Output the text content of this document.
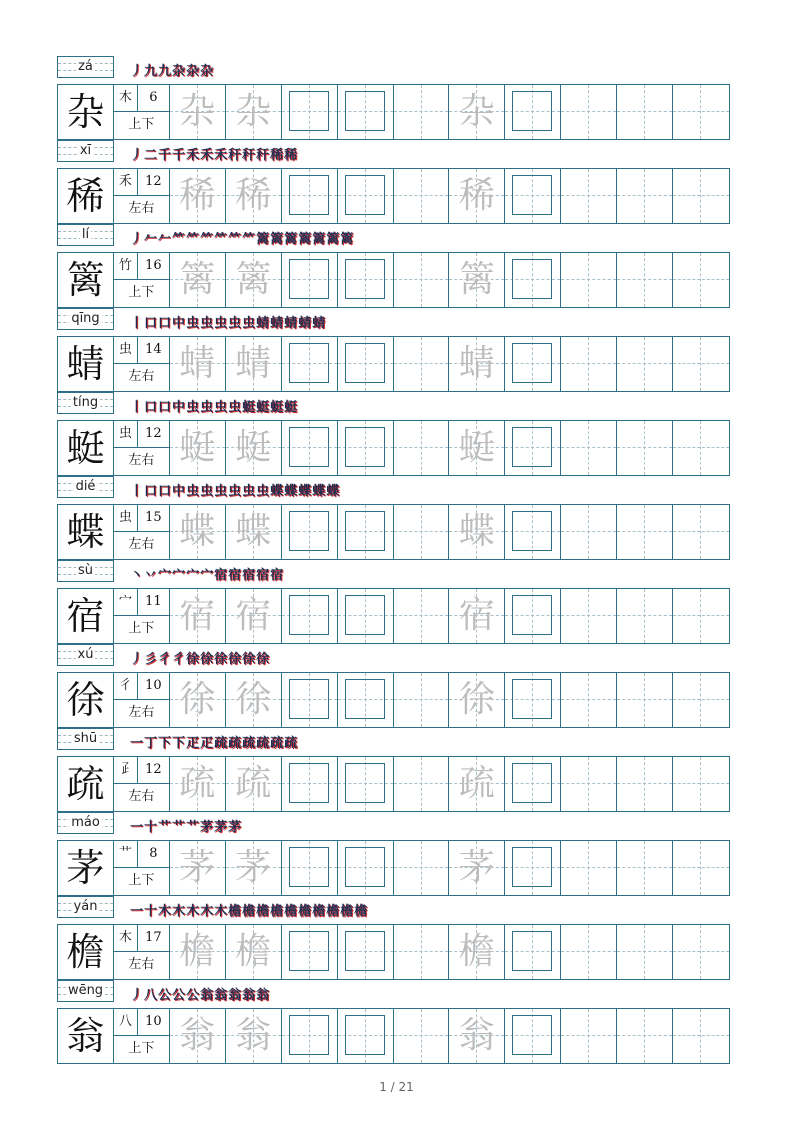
zá	丿 九 九 杂 杂 杂
杂	木	6
上下 杂 杂	杂
xī	丿 二 千 千 禾 禾 禾 秆 秆 秆 稀 稀
稀	禾	12
左右 稀 稀	稀
lí	丿 𠂉 𠂉 ⺮ ⺮ ⺮ ⺮ ⺮ ⺮ 篱 篱 篱 篱 篱 篱 篱
篱	竹	16
上下 篱 篱	篱
qīng	丨 口 口 中 虫 虫 虫 虫 虫 蜻 蜻 蜻 蜻 蜻
蜻	虫	14
左右 蜻 蜻	蜻
tíng	丨 口 口 中 虫 虫 虫 虫 蜓 蜓 蜓 蜓
蜓	虫	12
左右 蜓 蜓	蜓
dié	丨 口 口 中 虫 虫 虫 虫 虫 虫 蝶 蝶 蝶 蝶 蝶
蝶	虫	15
左右 蝶 蝶	蝶
sù	丶 丷 宀 宀 宀 宀 宿 宿 宿 宿 宿
宿	宀	11
上下 宿 宿	宿
xú	丿 彡 彳 彳 徐 徐 徐 徐 徐 徐
徐	彳	10
左右 徐 徐	徐
shū	一 丁 下 下 疋 疋 疏 疏 疏 疏 疏 疏
疏	𤴔	12
左右 疏 疏	疏
máo	一 十 艹 艹 艹 茅 茅 茅
茅	艹	8
上下 茅 茅	茅
yán	一 十 木 木 木 木 木 檐 檐 檐 檐 檐 檐 檐 檐 檐 檐
檐	木	17
左右 檐 檐	檐
wēng	丿 八 公 公 公 翁 翁 翁 翁 翁
翁	八	10
上下 翁 翁	翁
1 / 21
